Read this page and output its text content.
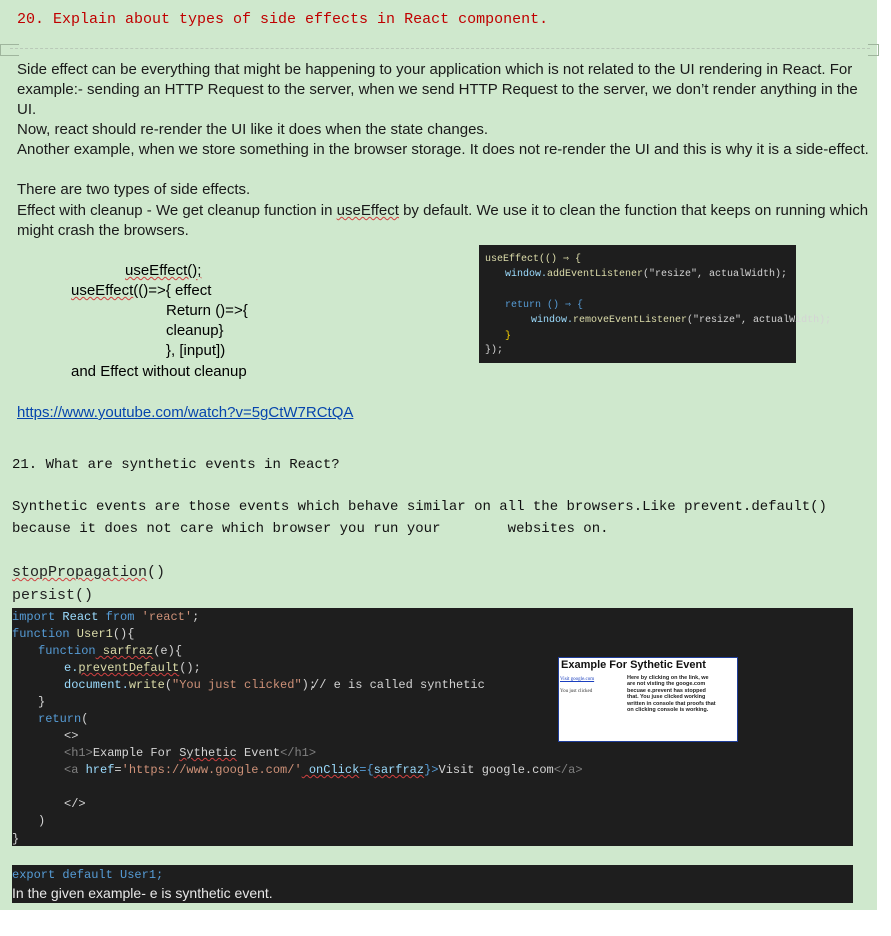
20. Explain about types of side effects in React component.
Side effect can be everything that might be happening to your application which is not related to the UI rendering in React. For example:- sending an HTTP Request to the server, when we send HTTP Request to the server, we don’t render anything in the UI.
Now, react should re-render the UI like it does when the state changes.
Another example, when we store something in the browser storage. It does not re-render the UI and this is why it is a side-effect.
There are two types of side effects.
Effect with cleanup - We get cleanup function in useEffect by default. We use it to clean the function that keeps on running which might crash the browsers.
useEffect();
useEffect(()=>{ effect
Return ()=>{
cleanup}
}, [input])
and Effect without cleanup
useEffect(() ⇒ {
window.addEventListener("resize", actualWidth);
return () ⇒ {
window.removeEventListener("resize", actualWidth);
}
});
https://www.youtube.com/watch?v=5gCtW7RCtQA
21. What are synthetic events in React?
Synthetic events are those events which behave similar on all the browsers.Like prevent.default()
because it does not care which browser you run your        websites on.
stopPropagation()
persist()
import React from 'react';
function User1(){
function sarfraz(e){
e.preventDefault();
document.write("You just clicked");
// e is called synthetic
}
return(
<>
<h1>Example For Sythetic Event</h1>
<a href='https://www.google.com/' onClick={sarfraz}>Visit google.com</a>
</>
)
}
Example For Sythetic Event
Visit google.com
You just clicked
Here by clicking on the link, we are not visting the googe.com becuae e.prevent has stopped that. You juse clicked working written in console that proofs that on clicking console is working.
export default User1;
In the given example- e is synthetic event.
